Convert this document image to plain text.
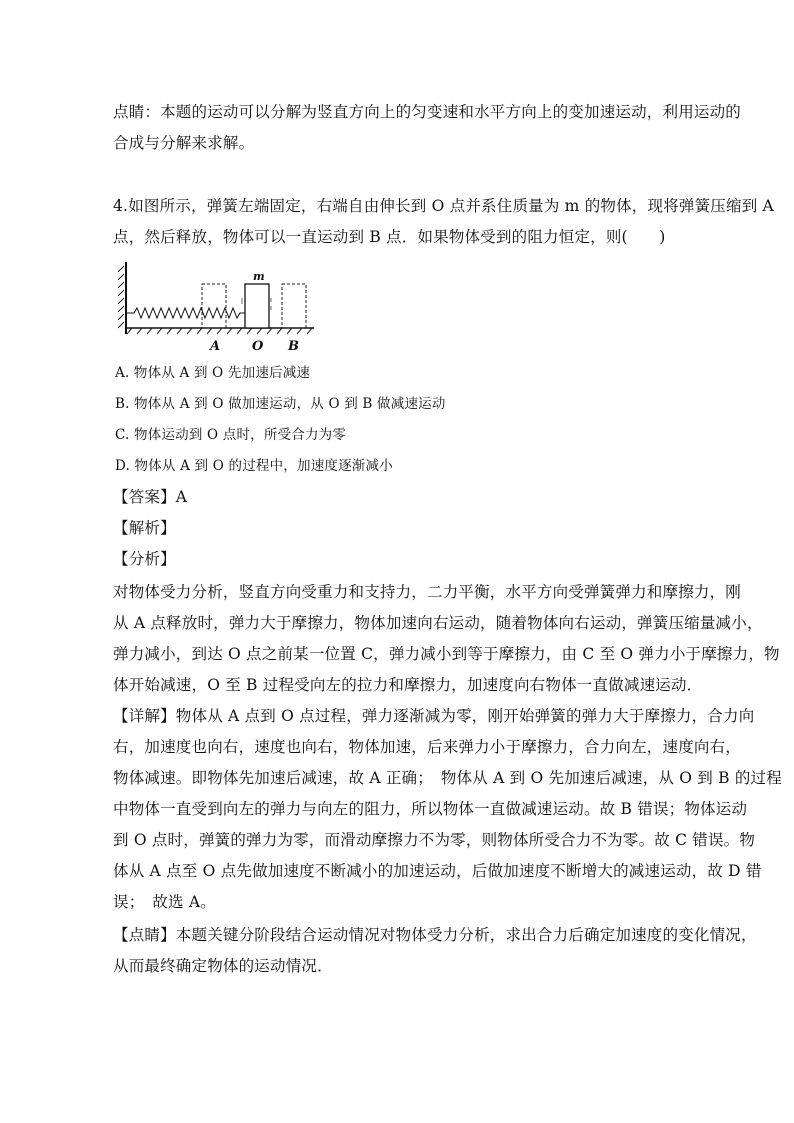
点睛：本题的运动可以分解为竖直方向上的匀变速和水平方向上的变加速运动，利用运动的
合成与分解来求解。
4.如图所示，弹簧左端固定，右端自由伸长到 O 点并系住质量为 m 的物体，现将弹簧压缩到 A
点，然后释放，物体可以一直运动到 B 点．如果物体受到的阻力恒定，则(　　)
m
A O B
A. 物体从 A 到 O 先加速后减速
B. 物体从 A 到 O 做加速运动，从 O 到 B 做减速运动
C. 物体运动到 O 点时，所受合力为零
D. 物体从 A 到 O 的过程中，加速度逐渐减小
【答案】A
【解析】
【分析】
对物体受力分析，竖直方向受重力和支持力，二力平衡，水平方向受弹簧弹力和摩擦力，刚
从 A 点释放时，弹力大于摩擦力，物体加速向右运动，随着物体向右运动，弹簧压缩量减小，
弹力减小，到达 O 点之前某一位置 C，弹力减小到等于摩擦力，由 C 至 O 弹力小于摩擦力，物
体开始减速，O 至 B 过程受向左的拉力和摩擦力，加速度向右物体一直做减速运动．
【详解】物体从 A 点到 O 点过程，弹力逐渐减为零，刚开始弹簧的弹力大于摩擦力，合力向
右，加速度也向右，速度也向右，物体加速，后来弹力小于摩擦力，合力向左，速度向右，
物体减速。即物体先加速后减速，故 A 正确；　物体从 A 到 O 先加速后减速，从 O 到 B 的过程
中物体一直受到向左的弹力与向左的阻力，所以物体一直做减速运动。故 B 错误；物体运动
到 O 点时，弹簧的弹力为零，而滑动摩擦力不为零，则物体所受合力不为零。故 C 错误。物
体从 A 点至 O 点先做加速度不断减小的加速运动，后做加速度不断增大的减速运动，故 D 错
误；　故选 A。
【点睛】本题关键分阶段结合运动情况对物体受力分析，求出合力后确定加速度的变化情况，
从而最终确定物体的运动情况．
